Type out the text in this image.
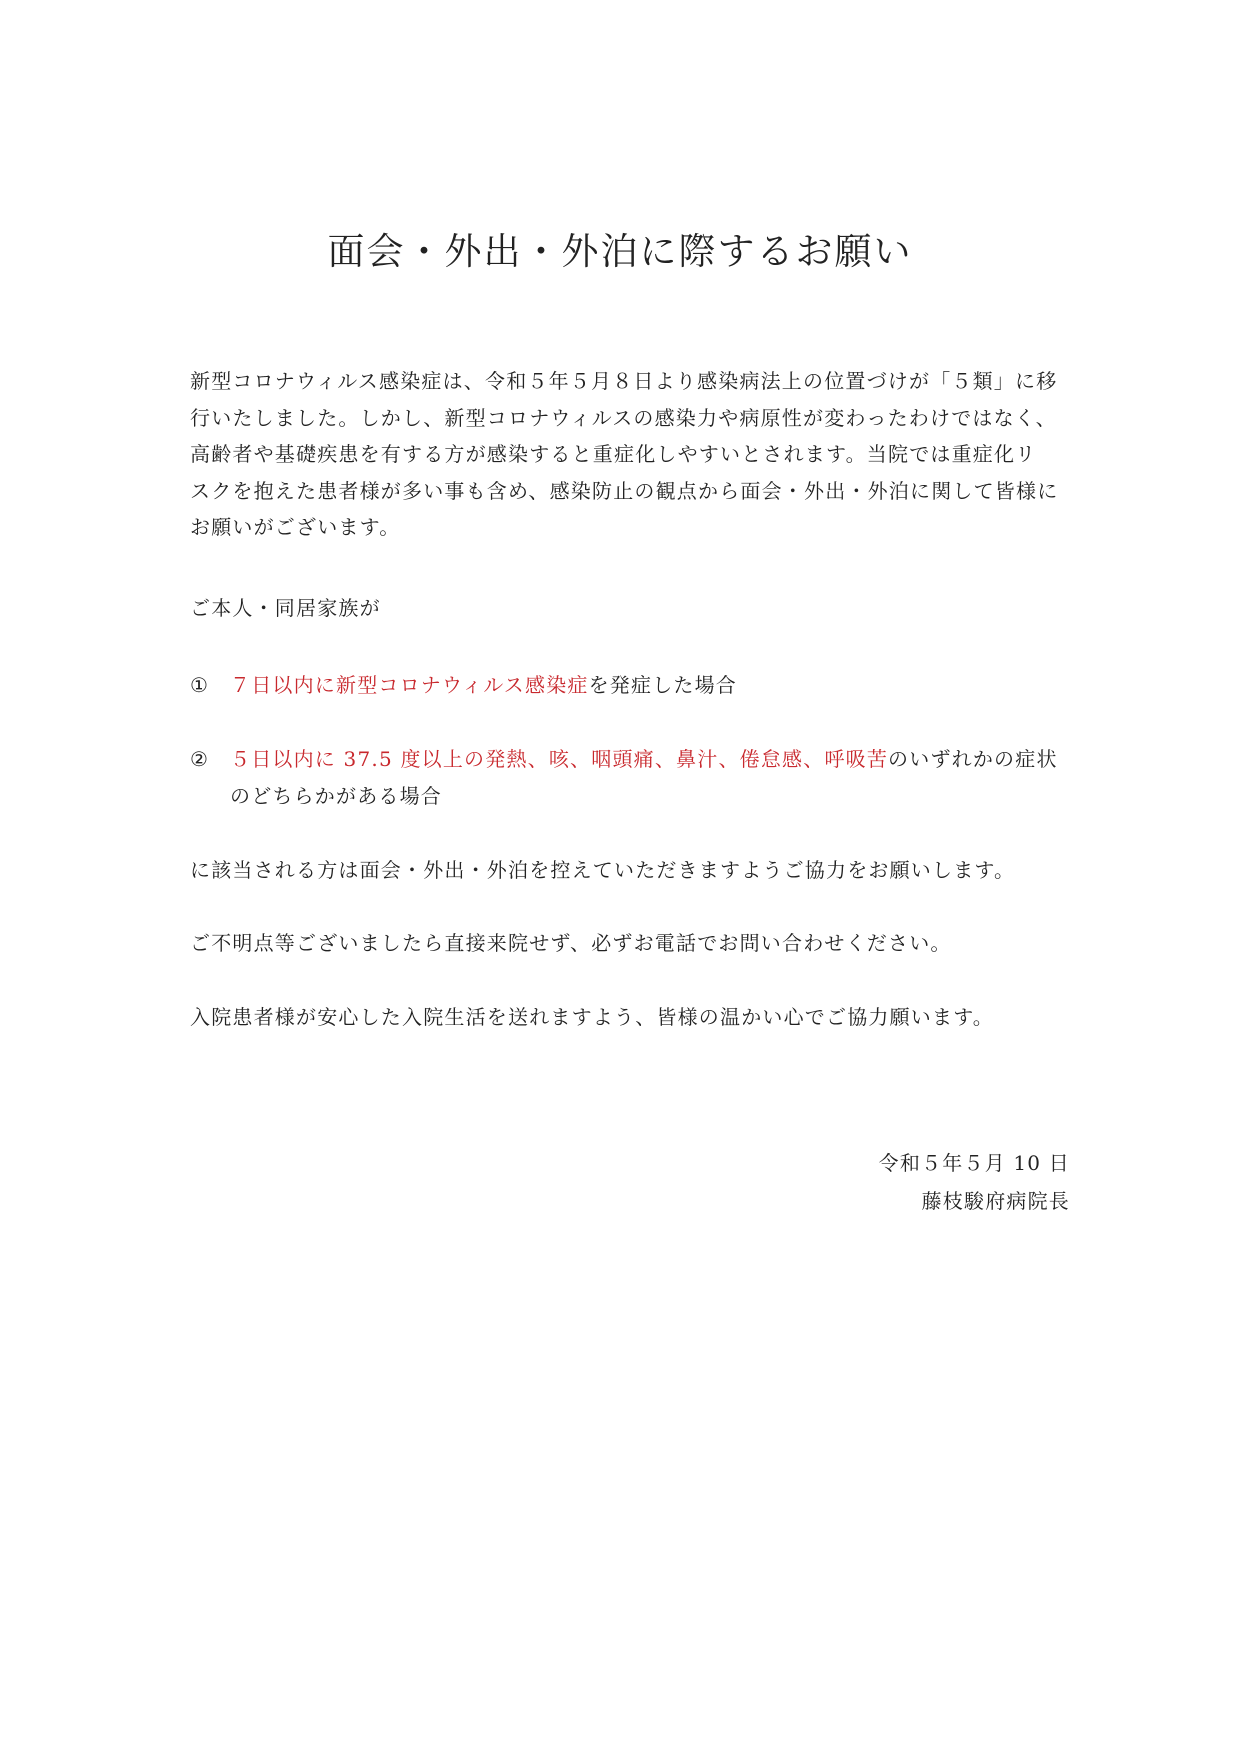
面会・外出・外泊に際するお願い
新型コロナウィルス感染症は、令和５年５月８日より感染病法上の位置づけが「５類」に移
行いたしました。しかし、新型コロナウィルスの感染力や病原性が変わったわけではなく、
高齢者や基礎疾患を有する方が感染すると重症化しやすいとされます。当院では重症化リ
スクを抱えた患者様が多い事も含め、感染防止の観点から面会・外出・外泊に関して皆様に
お願いがございます。

ご本人・同居家族が

① ７日以内に新型コロナウィルス感染症を発症した場合
② ５日以内に 37.5 度以上の発熱、咳、咽頭痛、鼻汁、倦怠感、呼吸苦のいずれかの症状
のどちらかがある場合

に該当される方は面会・外出・外泊を控えていただきますようご協力をお願いします。

ご不明点等ございましたら直接来院せず、必ずお電話でお問い合わせください。

入院患者様が安心した入院生活を送れますよう、皆様の温かい心でご協力願います。

令和５年５月 10 日
藤枝駿府病院長
